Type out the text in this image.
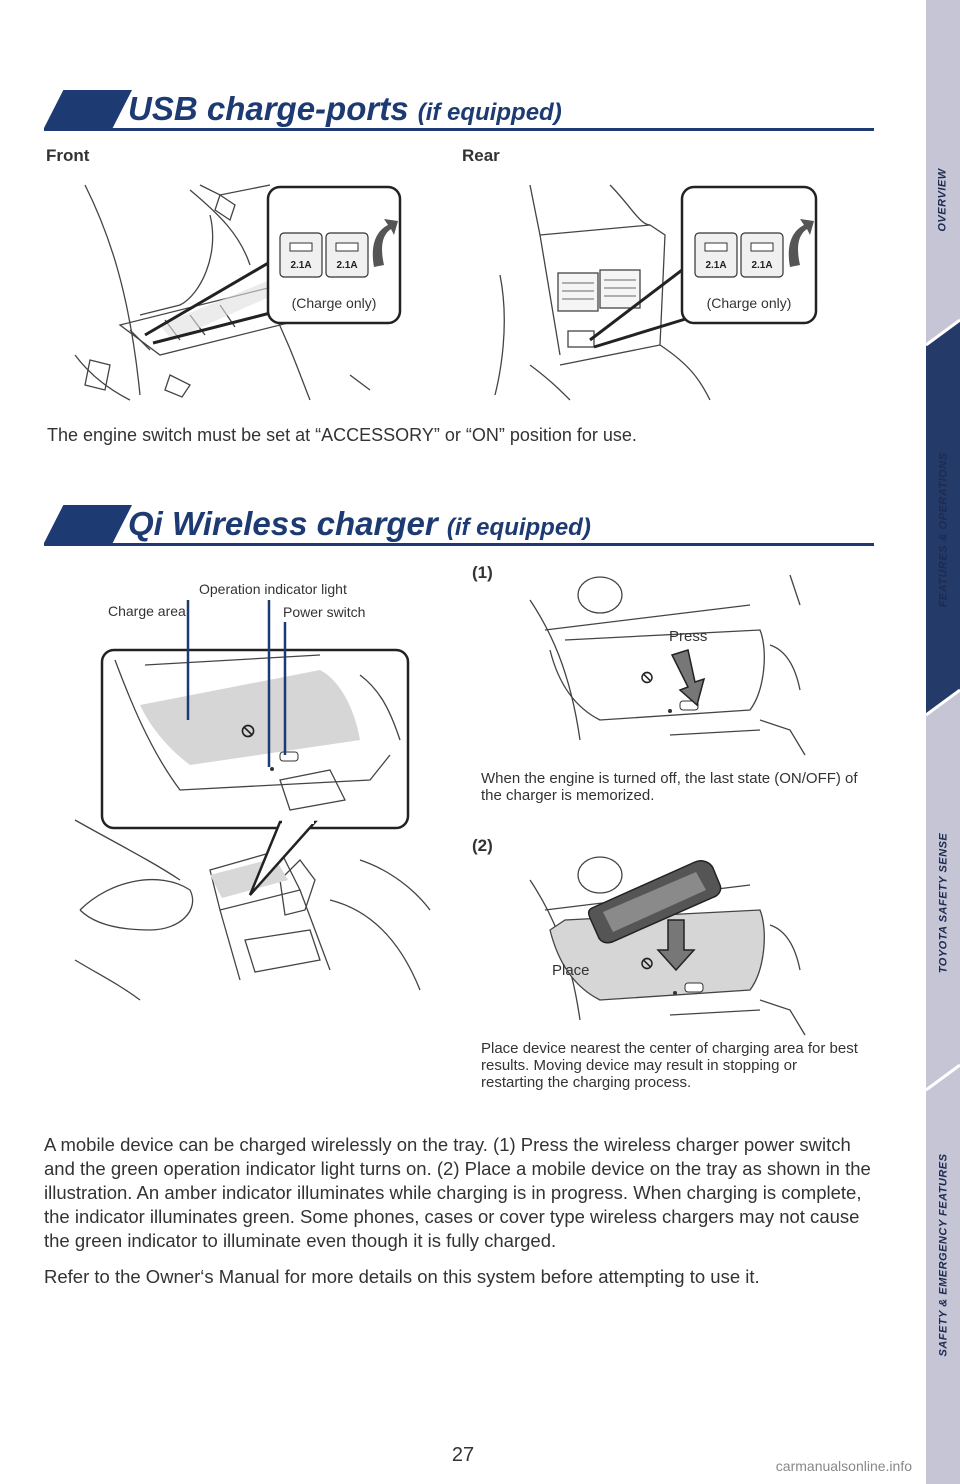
OVERVIEW
FEATURES & OPERATIONS
TOYOTA SAFETY SENSE
SAFETY & EMERGENCY FEATURES
USB charge-ports (if equipped)
Front	Rear
2.1A 2.1A
(Charge only)
2.1A 2.1A
(Charge only)
The engine switch must be set at “ACCESSORY” or “ON” position for use.
Qi Wireless charger (if equipped)
⦸
Operation indicator light
Charge area	Power switch
(1)
⦸
Press
When the engine is turned off, the last state (ON/OFF) of the charger is memorized.
(2)
⦸
Place
Place device nearest the center of charging area for best results. Moving device may result in stopping or restarting the charging process.

A mobile device can be charged wirelessly on the tray. (1) Press the wireless charger power switch and the green operation indicator light turns on. (2) Place a mobile device on the tray as shown in the illustration. An amber indicator illuminates while charging is in progress. When charging is complete, the indicator illuminates green. Some phones, cases or cover type wireless chargers may not cause the green indicator to illuminate even though it is fully charged.

Refer to the Owner‘s Manual for more details on this system before attempting to use it.

27	carmanualsonline.info
